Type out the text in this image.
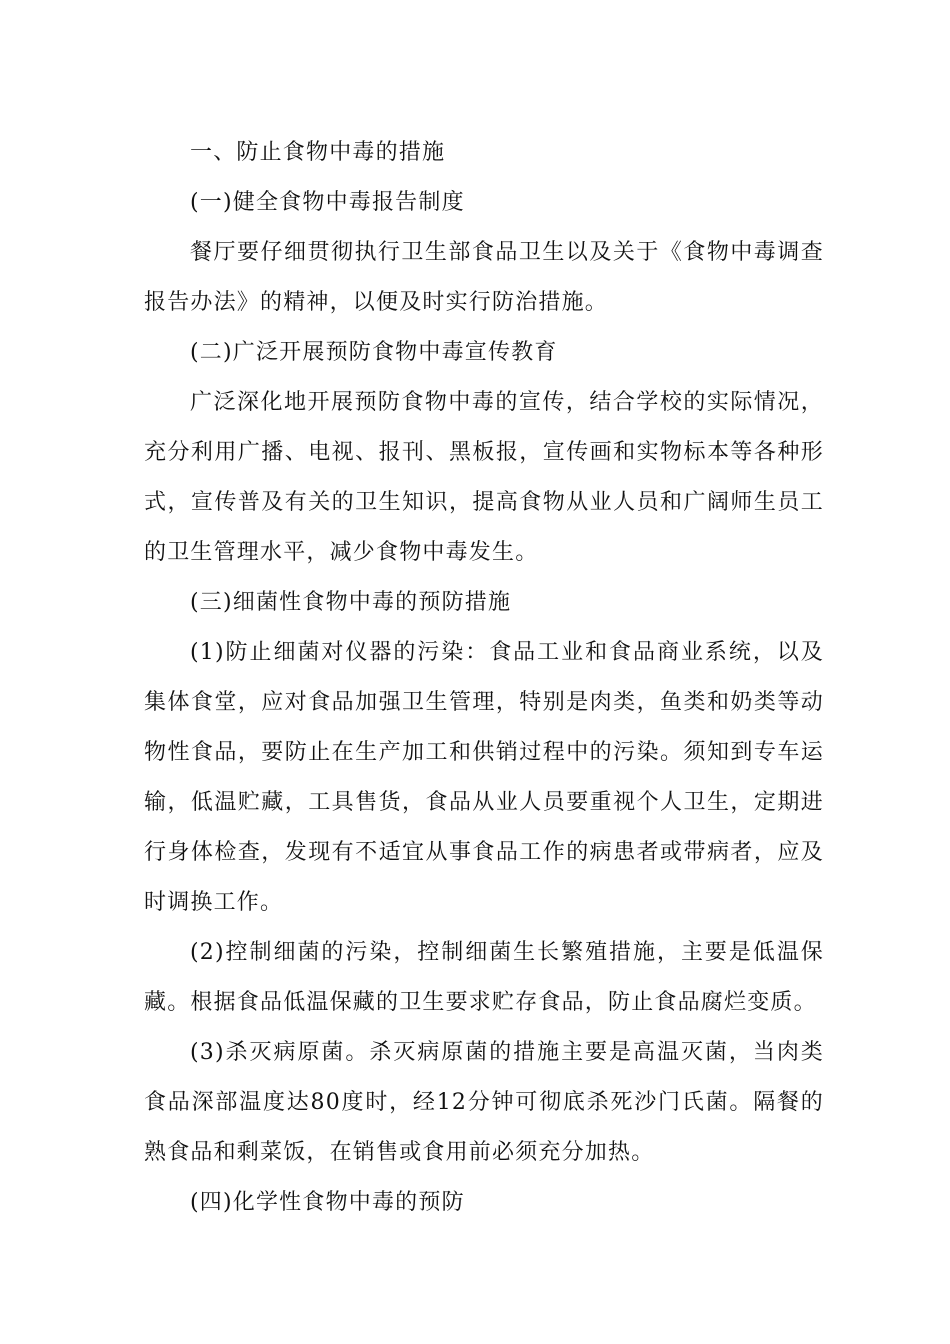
一、防止食物中毒的措施

(一)健全食物中毒报告制度

餐厅要仔细贯彻执行卫生部食品卫生以及关于《食物中毒调查报告办法》的精神，以便及时实行防治措施。

(二)广泛开展预防食物中毒宣传教育

广泛深化地开展预防食物中毒的宣传，结合学校的实际情况，充分利用广播、电视、报刊、黑板报，宣传画和实物标本等各种形式，宣传普及有关的卫生知识，提高食物从业人员和广阔师生员工的卫生管理水平，减少食物中毒发生。

(三)细菌性食物中毒的预防措施

(1)防止细菌对仪器的污染：食品工业和食品商业系统，以及集体食堂，应对食品加强卫生管理，特别是肉类，鱼类和奶类等动物性食品，要防止在生产加工和供销过程中的污染。须知到专车运输，低温贮藏，工具售货，食品从业人员要重视个人卫生，定期进行身体检查，发现有不适宜从事食品工作的病患者或带病者，应及时调换工作。

(2)控制细菌的污染，控制细菌生长繁殖措施，主要是低温保藏。根据食品低温保藏的卫生要求贮存食品，防止食品腐烂变质。

(3)杀灭病原菌。杀灭病原菌的措施主要是高温灭菌，当肉类食品深部温度达80度时，经12分钟可彻底杀死沙门氏菌。隔餐的熟食品和剩菜饭，在销售或食用前必须充分加热。

(四)化学性食物中毒的预防
